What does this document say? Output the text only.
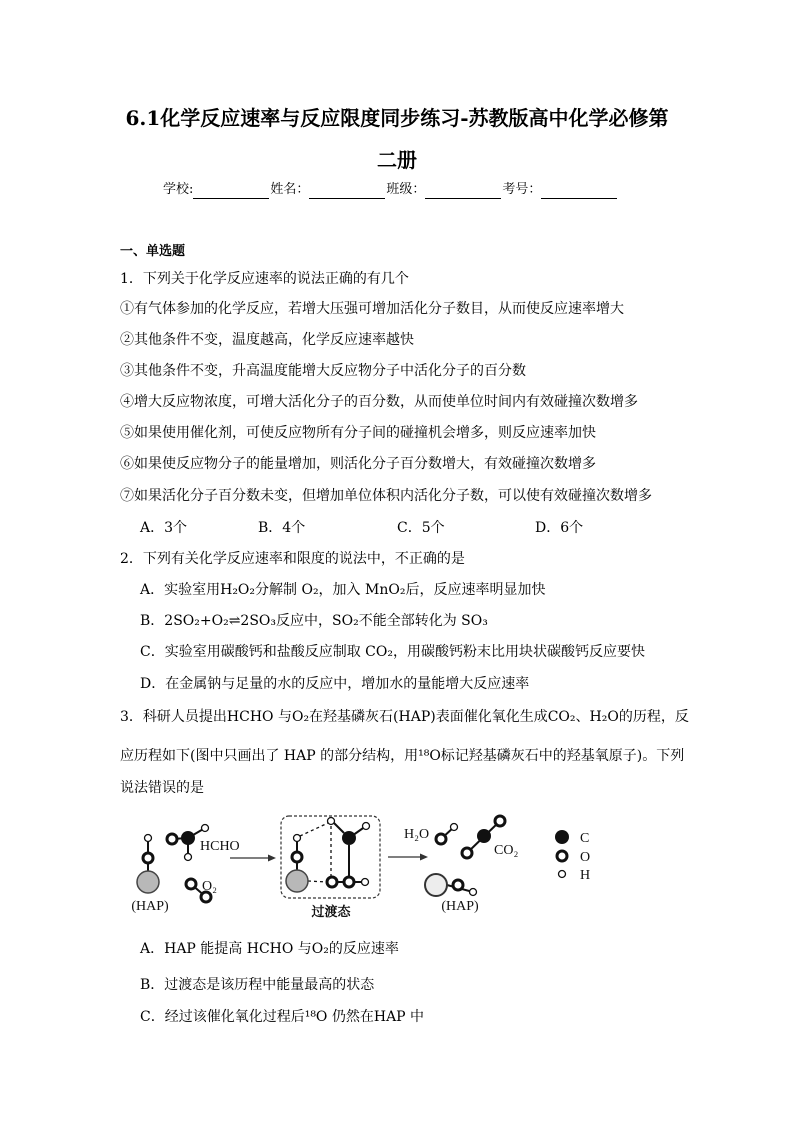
6.1化学反应速率与反应限度同步练习-苏教版高中化学必修第
二册
学校:	姓名：	班级：	考号：
一、单选题
1．下列关于化学反应速率的说法正确的有几个
①有气体参加的化学反应，若增大压强可增加活化分子数目，从而使反应速率增大
②其他条件不变，温度越高，化学反应速率越快
③其他条件不变，升高温度能增大反应物分子中活化分子的百分数
④增大反应物浓度，可增大活化分子的百分数，从而使单位时间内有效碰撞次数增多
⑤如果使用催化剂，可使反应物所有分子间的碰撞机会增多，则反应速率加快
⑥如果使反应物分子的能量增加，则活化分子百分数增大，有效碰撞次数增多
⑦如果活化分子百分数未变，但增加单位体积内活化分子数，可以使有效碰撞次数增多
A．3个	B．4个	C．5个	D．6个
2．下列有关化学反应速率和限度的说法中，不正确的是
A．实验室用H₂O₂分解制 O₂，加入 MnO₂后，反应速率明显加快
B．2SO₂+O₂⇌2SO₃反应中，SO₂不能全部转化为 SO₃
C．实验室用碳酸钙和盐酸反应制取 CO₂，用碳酸钙粉末比用块状碳酸钙反应要快
D．在金属钠与足量的水的反应中，增加水的量能增大反应速率
3．科研人员提出HCHO 与O₂在羟基磷灰石(HAP)表面催化氧化生成CO₂、H₂O的历程，反
应历程如下(图中只画出了 HAP 的部分结构，用¹⁸O标记羟基磷灰石中的羟基氧原子)。下列
说法错误的是
(HAP)
HCHO
O₂
过渡态
H₂O
CO₂
(HAP)
C
O
H
A．HAP 能提高 HCHO 与O₂的反应速率
B．过渡态是该历程中能量最高的状态
C．经过该催化氧化过程后¹⁸O 仍然在HAP 中
